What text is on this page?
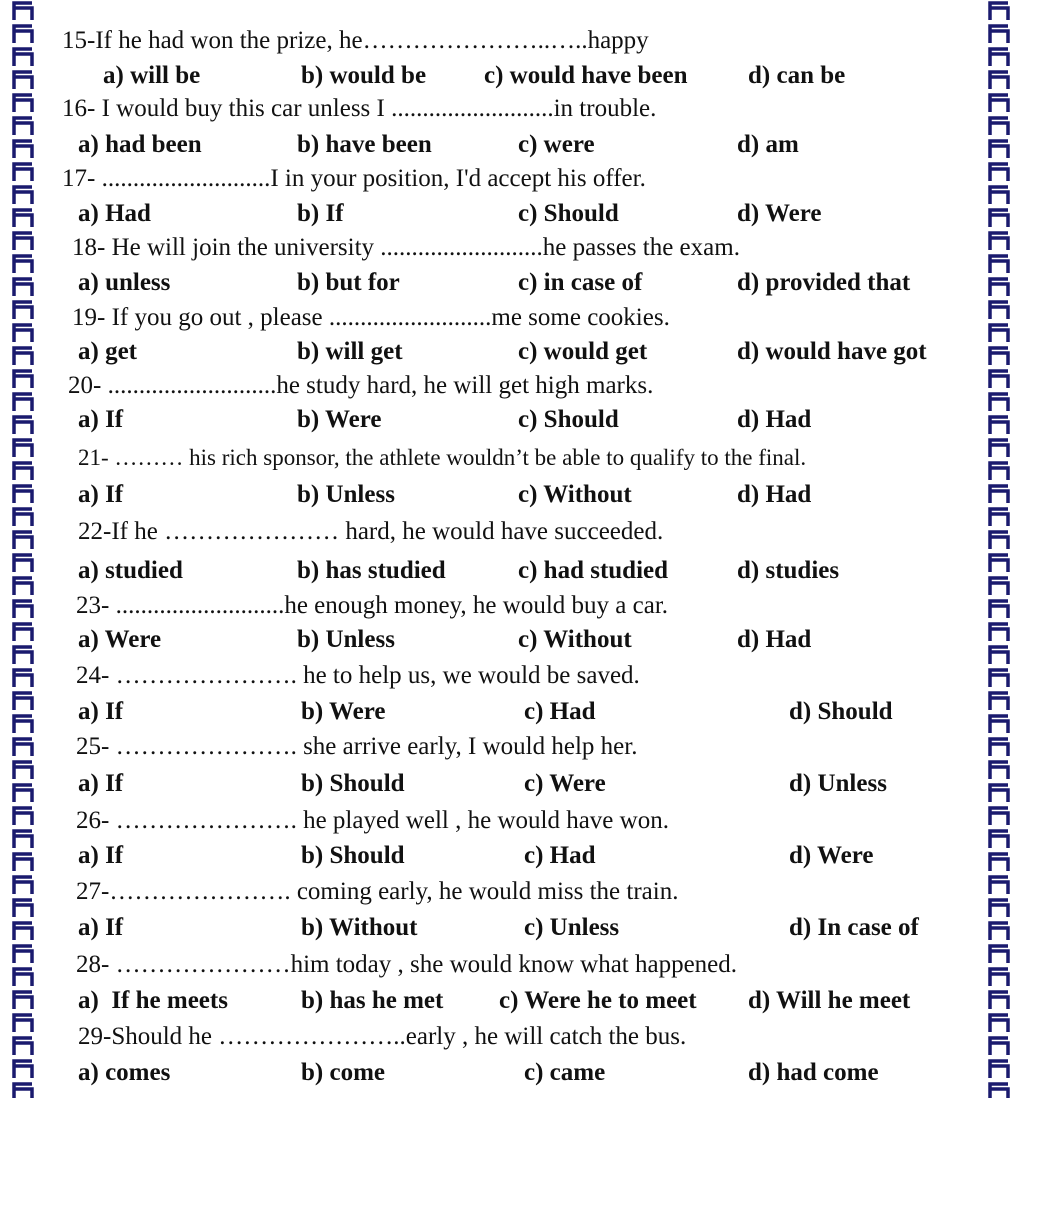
15-If he had won the prize, he…………………..…..happy

a) will be

	b) would be

c) would have been

d) can be

16- I would buy this car unless I ..........................in trouble.

a) had been

	b) have been

	c) were

	d) am

17- ...........................I in your position, I'd accept his offer.

a) Had

	b) If

	c) Should

	d) Were

18- He will join the university ..........................he passes the exam.

a) unless

	b) but for

	c) in case of

	d) provided that

19- If you go out , please ..........................me some cookies.

a) get

	b) will get

	c) would get

	d) would have got

20- ...........................he study hard, he will get high marks.

a) If

	b) Were

	c) Should

	d) Had

21- ……… his rich sponsor, the athlete wouldn’t be able to qualify to the final.

a) If

	b) Unless

	c) Without

	d) Had

22-If he ………………… hard, he would have succeeded.

a) studied

	b) has studied

	c) had studied

	d) studies

23- ...........................he enough money, he would buy a car.

a) Were

	b) Unless

	c) Without

	d) Had

24- …………………. he to help us, we would be saved.

a) If

	b) Were

	c) Had

	d) Should

25- …………………. she arrive early, I would help her.

a) If

	b) Should

	c) Were

	d) Unless

26- …………………. he played well , he would have won.

a) If

	b) Should

	c) Had

	d) Were

27-…………………. coming early, he would miss the train.

a) If

	b) Without

	c) Unless

	d) In case of

28- …………………him today , she would know what happened.

a)  If he meets

	b) has he met

c) Were he to meet

d) Will he meet

29-Should he …………………..early , he will catch the bus.

a) comes

	b) come

	c) came

	d) had come
